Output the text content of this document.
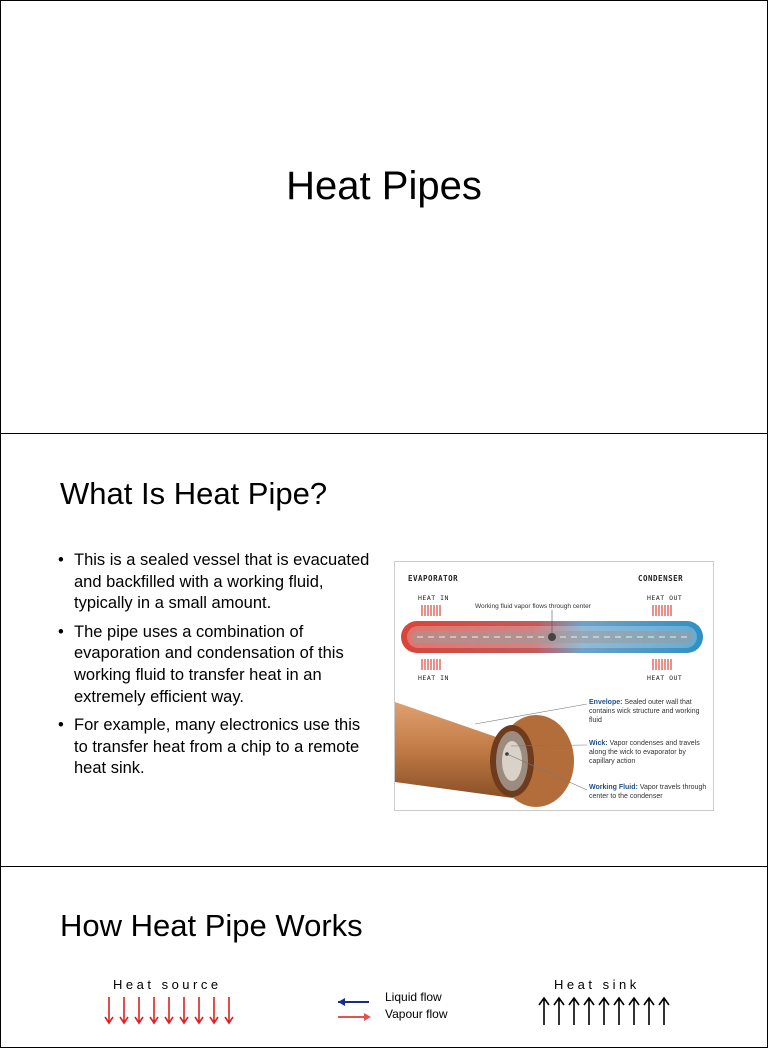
Heat Pipes
What Is Heat Pipe?
• This is a sealed vessel that is evacuated and backfilled with a working fluid, typically in a small amount.
• The pipe uses a combination of evaporation and condensation of this working fluid to transfer heat in an extremely efficient way.
• For example, many electronics use this to transfer heat from a chip to a remote heat sink.
EVAPORATOR	CONDENSER
HEAT IN	HEAT OUT
HEAT IN	HEAT OUT
Working fluid vapor flows through center
Envelope: Sealed outer wall that contains wick structure and working fluid
Wick: Vapor condenses and travels along the wick to evaporator by capillary action
Working Fluid: Vapor travels through center to the condenser
How Heat Pipe Works
Heat source	Heat sink
Liquid flow
Vapour flow
